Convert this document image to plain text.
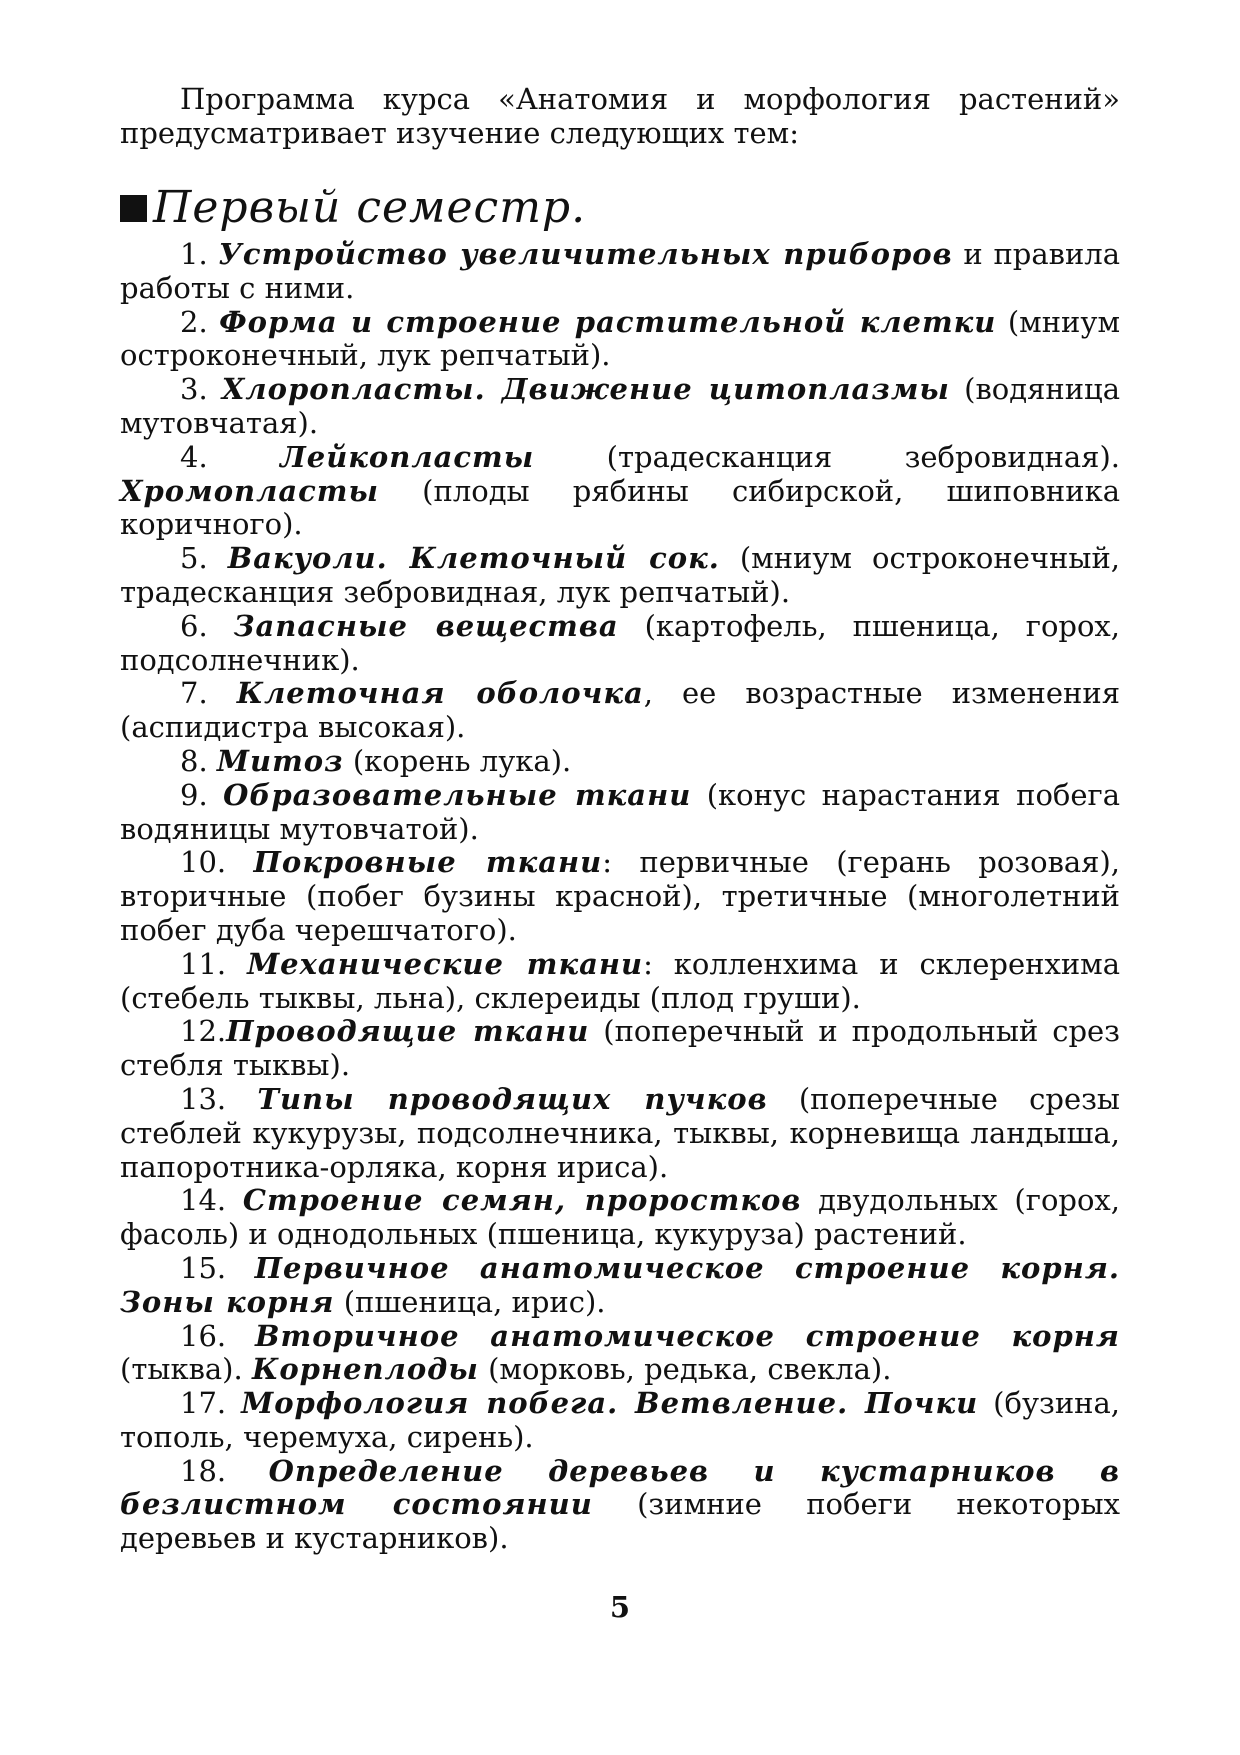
Программа курса «Анатомия и морфология растений» предусматривает изучение следующих тем:

Первый семестр.

1. Устройство увеличительных приборов и правила работы с ними.

2. Форма и строение растительной клетки (мниум остроконечный, лук репчатый).

3. Хлоропласты. Движение цитоплазмы (водяница мутовчатая).

4. Лейкопласты (традесканция зебровидная). Хромопласты (плоды рябины сибирской, шиповника коричного).

5. Вакуоли. Клеточный сок. (мниум остроконечный, традесканция зебровидная, лук репчатый).

6. Запасные вещества (картофель, пшеница, горох, подсолнечник).

7. Клеточная оболочка, ее возрастные изменения (аспидистра высокая).

8. Митоз (корень лука).

9. Образовательные ткани (конус нарастания побега водяницы мутовчатой).

10. Покровные ткани: первичные (герань розовая), вторичные (побег бузины красной), третичные (многолетний побег дуба черешчатого).

11. Механические ткани: колленхима и склеренхима (стебель тыквы, льна), склереиды (плод груши).

12.Проводящие ткани (поперечный и продольный срез стебля тыквы).

13. Типы проводящих пучков (поперечные срезы стеблей кукурузы, подсолнечника, тыквы, корневища ландыша, папоротника-орляка, корня ириса).

14. Строение семян, проростков двудольных (горох, фасоль) и однодольных (пшеница, кукуруза) растений.

15. Первичное анатомическое строение корня. Зоны корня (пшеница, ирис).

16. Вторичное анатомическое строение корня (тыква). Корнеплоды (морковь, редька, свекла).

17. Морфология побега. Ветвление. Почки (бузина, тополь, черемуха, сирень).

18. Определение деревьев и кустарников в безлистном состоянии (зимние побеги некоторых деревьев и кустарников).

5
